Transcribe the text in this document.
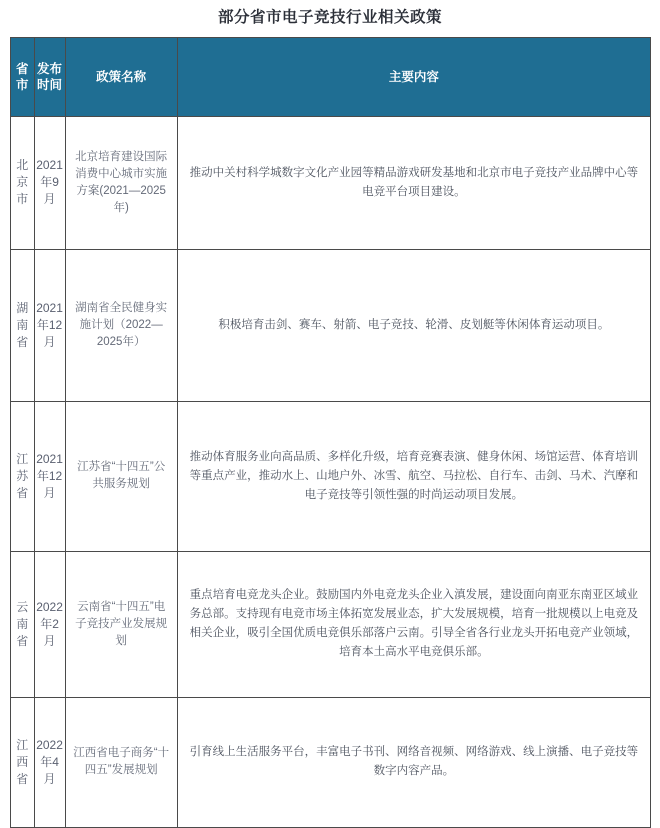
部分省市电子竞技行业相关政策
省市	发布时间	政策名称	主要内容
北京市	2021年9月	北京培育建设国际消费中心城市实施方案(2021—2025年)	推动中关村科学城数字文化产业园等精品游戏研发基地和北京市电子竞技产业品牌中心等电竞平台项目建设。
湖南省	2021年12月	湖南省全民健身实施计划（2022—2025年）	积极培育击剑、赛车、射箭、电子竞技、轮滑、皮划艇等休闲体育运动项目。
江苏省	2021年12月	江苏省“十四五”公共服务规划	推动体育服务业向高品质、多样化升级，培育竞赛表演、健身休闲、场馆运营、体育培训等重点产业，推动水上、山地户外、冰雪、航空、马拉松、自行车、击剑、马术、汽摩和电子竞技等引领性强的时尚运动项目发展。
云南省	2022年2月	云南省“十四五”电子竞技产业发展规划	重点培育电竞龙头企业。鼓励国内外电竞龙头企业入滇发展，建设面向南亚东南亚区域业务总部。支持现有电竞市场主体拓宽发展业态，扩大发展规模，培育一批规模以上电竞及相关企业，吸引全国优质电竞俱乐部落户云南。引导全省各行业龙头开拓电竞产业领域，培育本土高水平电竞俱乐部。
江西省	2022年4月	江西省电子商务“十四五”发展规划	引育线上生活服务平台，丰富电子书刊、网络音视频、网络游戏、线上演播、电子竞技等数字内容产品。
